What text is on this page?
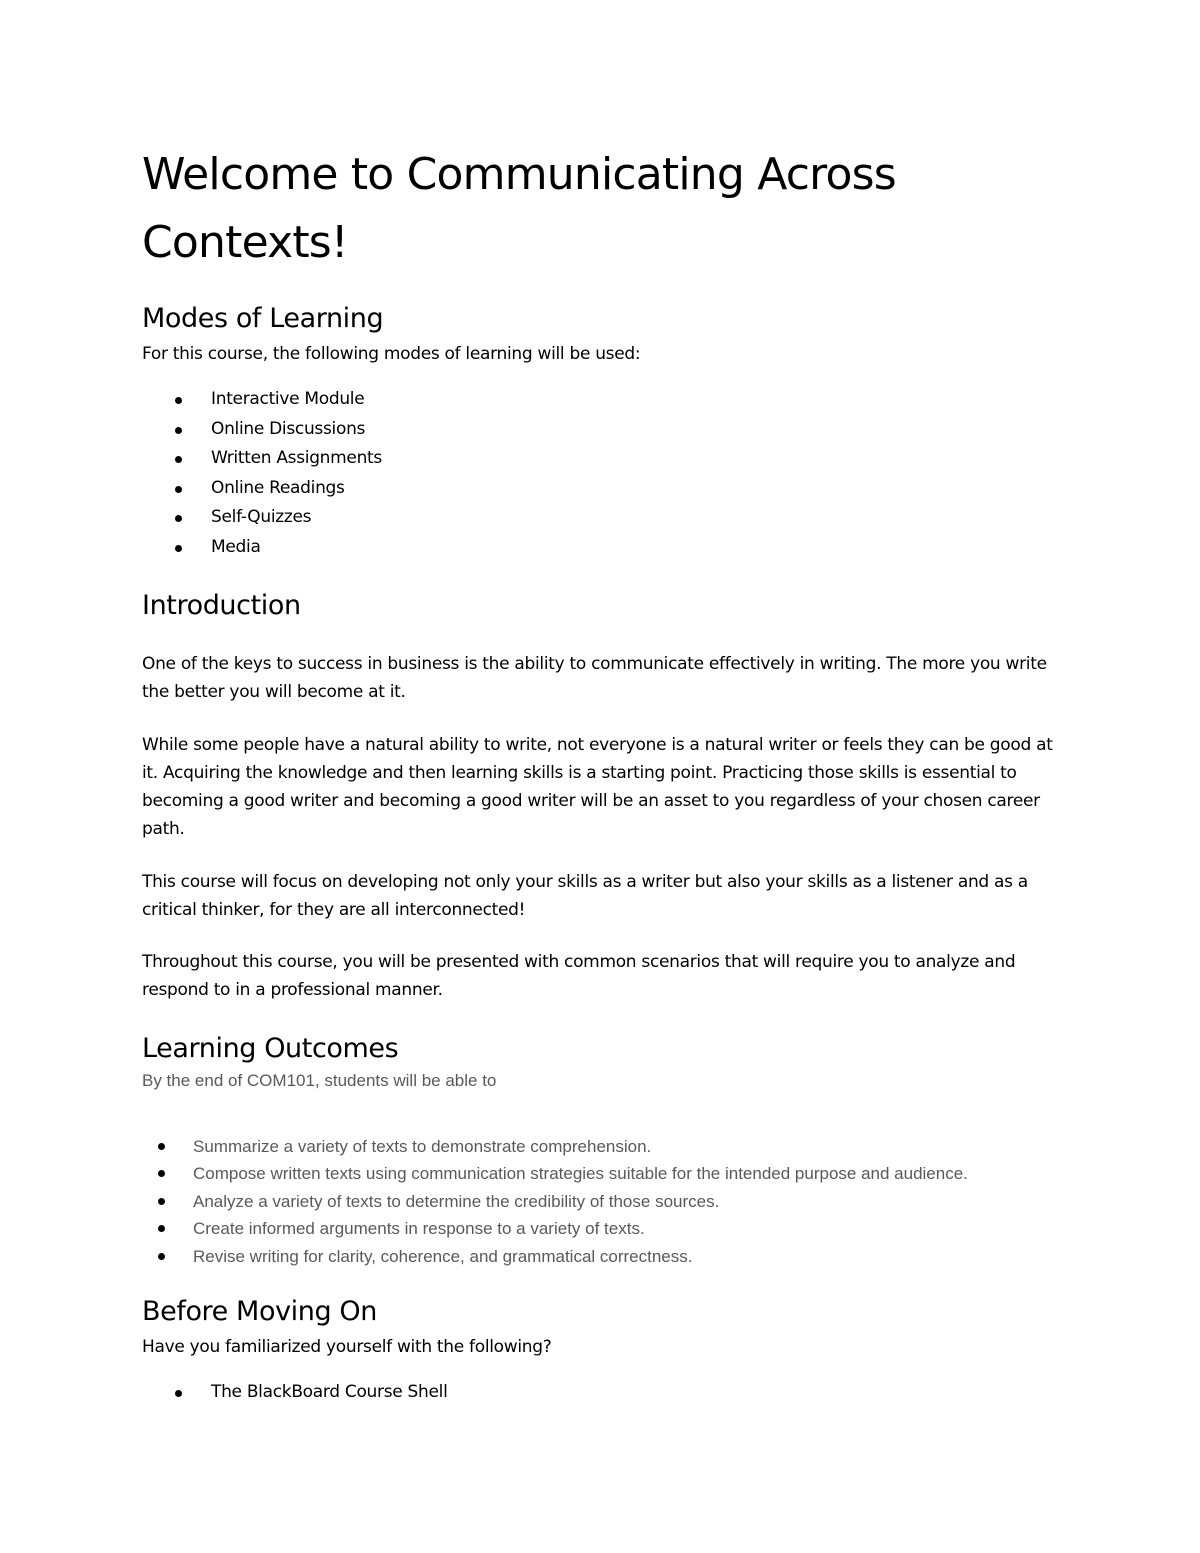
Welcome to Communicating Across Contexts!
Modes of Learning

For this course, the following modes of learning will be used:

Interactive Module
Online Discussions
Written Assignments
Online Readings
Self-Quizzes
Media
Introduction

One of the keys to success in business is the ability to communicate effectively in writing. The more you write the better you will become at it.

While some people have a natural ability to write, not everyone is a natural writer or feels they can be good at it. Acquiring the knowledge and then learning skills is a starting point. Practicing those skills is essential to becoming a good writer and becoming a good writer will be an asset to you regardless of your chosen career path.

This course will focus on developing not only your skills as a writer but also your skills as a listener and as a critical thinker, for they are all interconnected!

Throughout this course, you will be presented with common scenarios that will require you to analyze and respond to in a professional manner.

Learning Outcomes

By the end of COM101, students will be able to

Summarize a variety of texts to demonstrate comprehension.
Compose written texts using communication strategies suitable for the intended purpose and audience.
Analyze a variety of texts to determine the credibility of those sources.
Create informed arguments in response to a variety of texts.
Revise writing for clarity, coherence, and grammatical correctness.
Before Moving On

Have you familiarized yourself with the following?

The BlackBoard Course Shell
